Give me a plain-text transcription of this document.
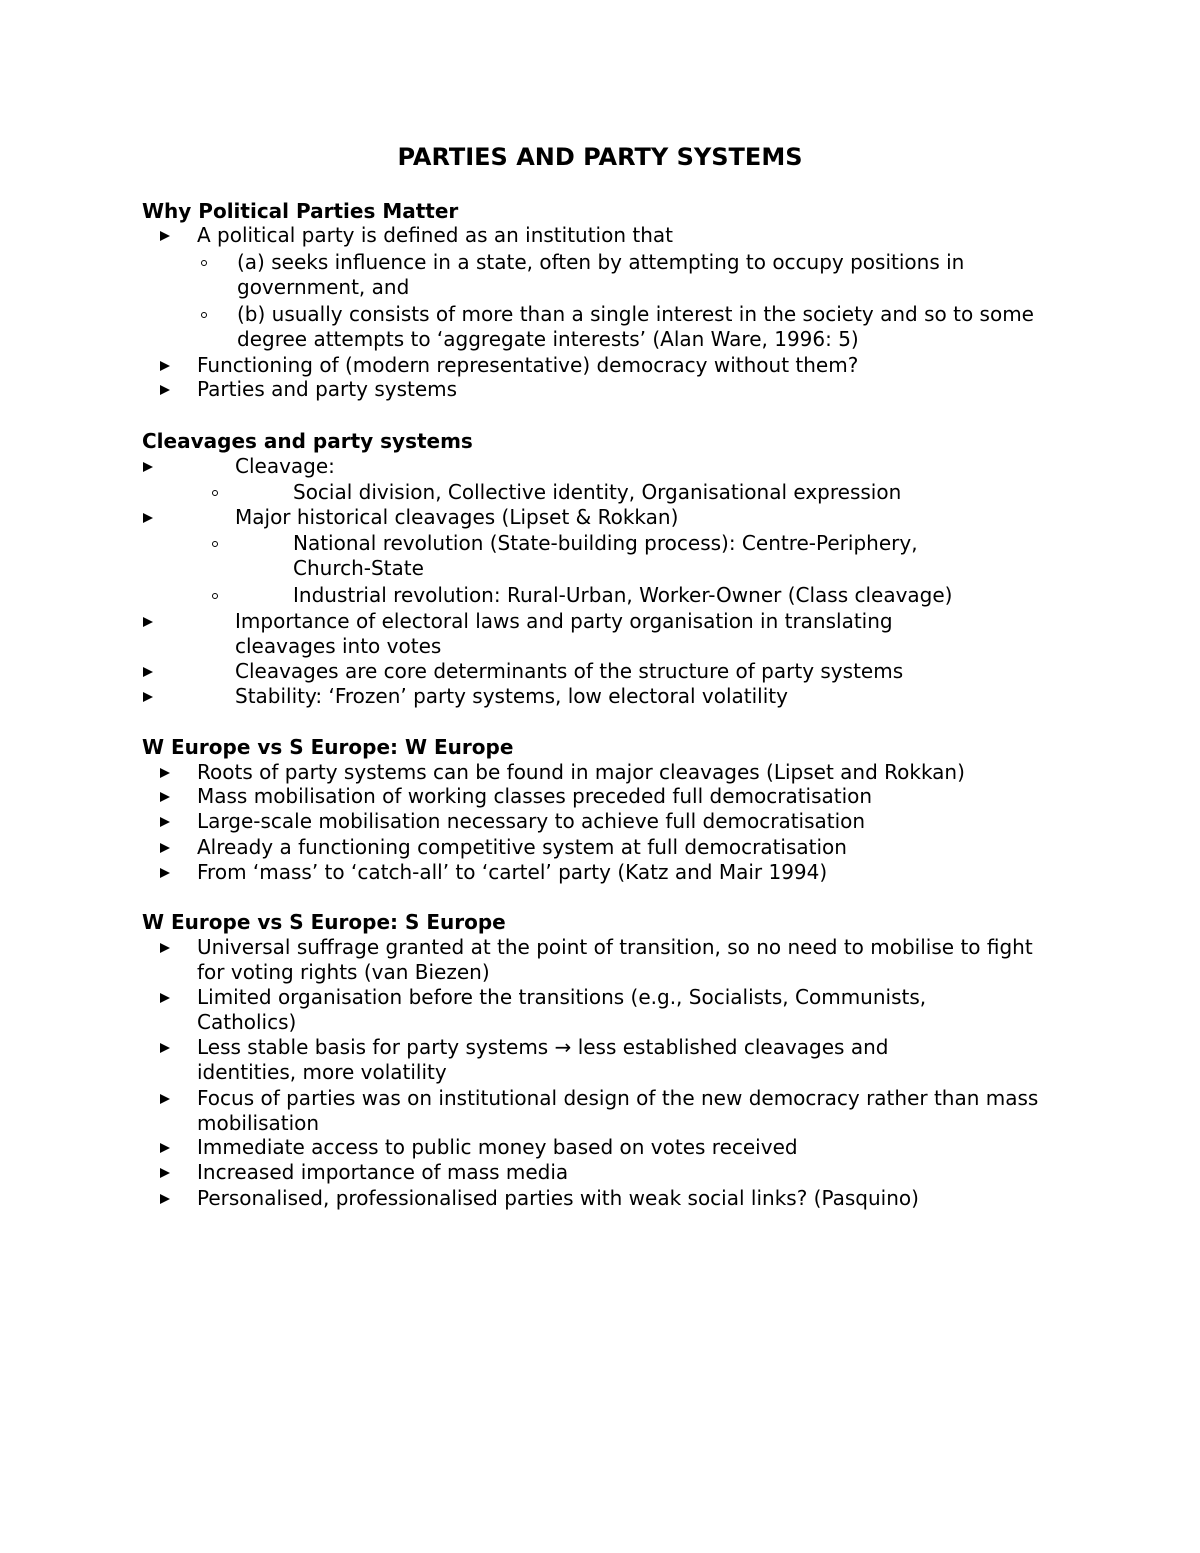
PARTIES AND PARTY SYSTEMS
Why Political Parties Matter
A political party is defined as an institution that
(a) seeks influence in a state, often by attempting to occupy positions in government, and
(b) usually consists of more than a single interest in the society and so to some degree attempts to ‘aggregate interests’ (Alan Ware, 1996: 5)
Functioning of (modern representative) democracy without them?
Parties and party systems
Cleavages and party systems
Cleavage:
Social division, Collective identity, Organisational expression
Major historical cleavages (Lipset & Rokkan)
National revolution (State-building process): Centre-Periphery, Church-State
Industrial revolution: Rural-Urban, Worker-Owner (Class cleavage)
Importance of electoral laws and party organisation in translating cleavages into votes
Cleavages are core determinants of the structure of party systems
Stability: ‘Frozen’ party systems, low electoral volatility
W Europe vs S Europe: W Europe
Roots of party systems can be found in major cleavages (Lipset and Rokkan)
Mass mobilisation of working classes preceded full democratisation
Large-scale mobilisation necessary to achieve full democratisation
Already a functioning competitive system at full democratisation
From ‘mass’ to ‘catch-all’ to ‘cartel’ party (Katz and Mair 1994)
W Europe vs S Europe: S Europe
Universal suffrage granted at the point of transition, so no need to mobilise to fight for voting rights (van Biezen)
Limited organisation before the transitions (e.g., Socialists, Communists, Catholics)
Less stable basis for party systems → less established cleavages and identities, more volatility
Focus of parties was on institutional design of the new democracy rather than mass mobilisation
Immediate access to public money based on votes received
Increased importance of mass media
Personalised, professionalised parties with weak social links? (Pasquino)
